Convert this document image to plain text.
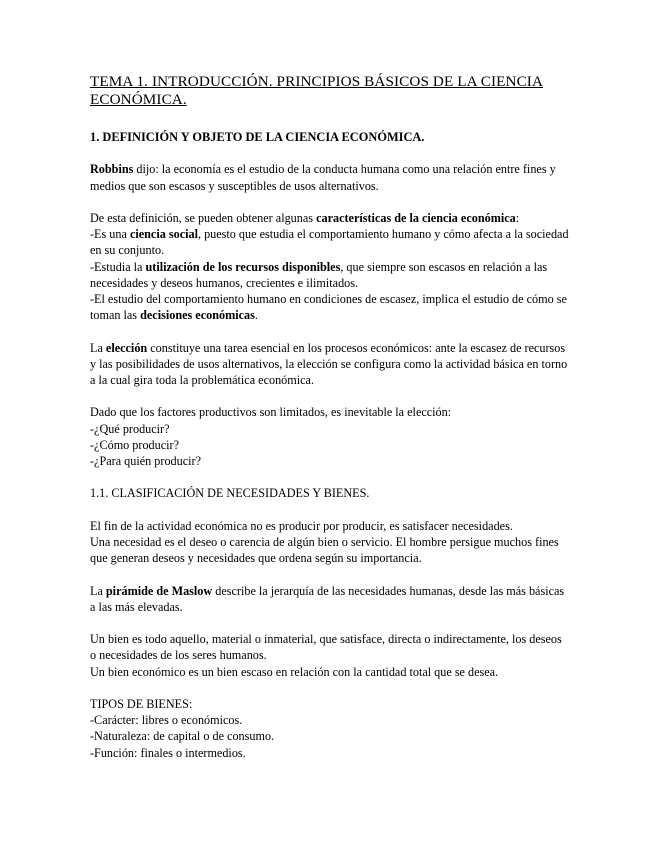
TEMA 1. INTRODUCCIÓN. PRINCIPIOS BÁSICOS DE LA CIENCIA ECONÓMICA.
1. DEFINICIÓN Y OBJETO DE LA CIENCIA ECONÓMICA.

Robbins dijo: la economía es el estudio de la conducta humana como una relación entre fines y medios que son escasos y susceptibles de usos alternativos.

De esta definición, se pueden obtener algunas características de la ciencia económica:

-Es una ciencia social, puesto que estudia el comportamiento humano y cómo afecta a la sociedad en su conjunto.

-Estudia la utilización de los recursos disponibles, que siempre son escasos en relación a las necesidades y deseos humanos, crecientes e ilimitados.

-El estudio del comportamiento humano en condiciones de escasez, implica el estudio de cómo se toman las decisiones económicas.

La elección constituye una tarea esencial en los procesos económicos: ante la escasez de recursos y las posibilidades de usos alternativos, la elección se configura como la actividad básica en torno a la cual gira toda la problemática económica.

Dado que los factores productivos son limitados, es inevitable la elección:

-¿Qué producir?

-¿Cómo producir?

-¿Para quién producir?

1.1. CLASIFICACIÓN DE NECESIDADES Y BIENES.

El fin de la actividad económica no es producir por producir, es satisfacer necesidades.

Una necesidad es el deseo o carencia de algún bien o servicio. El hombre persigue muchos fines que generan deseos y necesidades que ordena según su importancia.

La pirámide de Maslow describe la jerarquía de las necesidades humanas, desde las más básicas a las más elevadas.

Un bien es todo aquello, material o inmaterial, que satisface, directa o indirectamente, los deseos o necesidades de los seres humanos.

Un bien económico es un bien escaso en relación con la cantidad total que se desea.

TIPOS DE BIENES:

-Carácter: libres o económicos.

-Naturaleza: de capital o de consumo.

-Función: finales o intermedios.
